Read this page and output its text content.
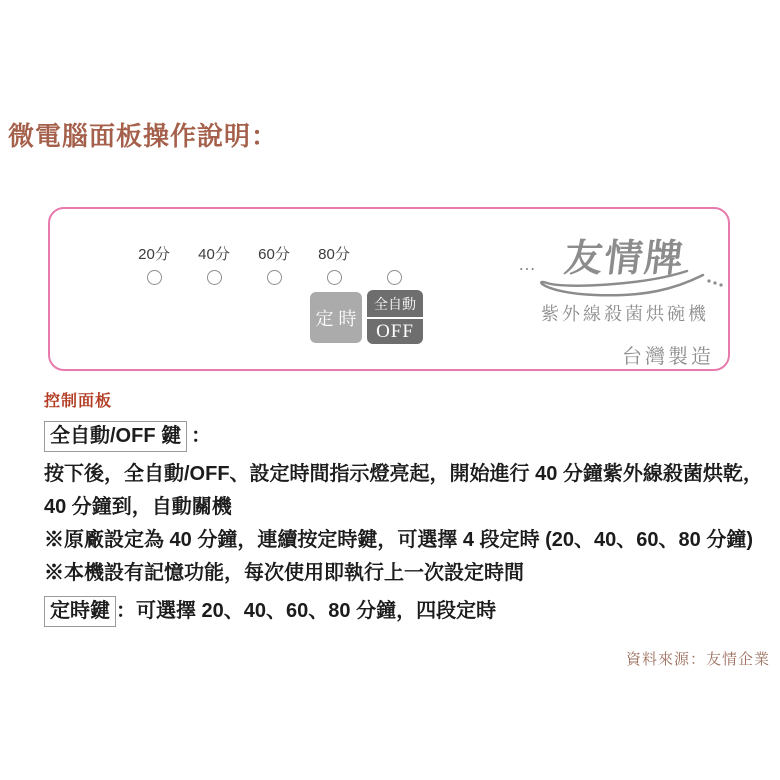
微電腦面板操作說明：
20分	40分	60分	80分
定 時
全自動
OFF
… 友情牌
紫外線殺菌烘碗機
台灣製造
控制面板
全自動/OFF 鍵 ：
按下後，全自動/OFF、設定時間指示燈亮起，開始進行 40 分鐘紫外線殺菌烘乾，
40 分鐘到，自動關機
※原廠設定為 40 分鐘，連續按定時鍵，可選擇 4 段定時 (20、40、60、80 分鐘)
※本機設有記憶功能，每次使用即執行上一次設定時間
定時鍵 ：可選擇 20、40、60、80 分鐘，四段定時
資料來源：友情企業
